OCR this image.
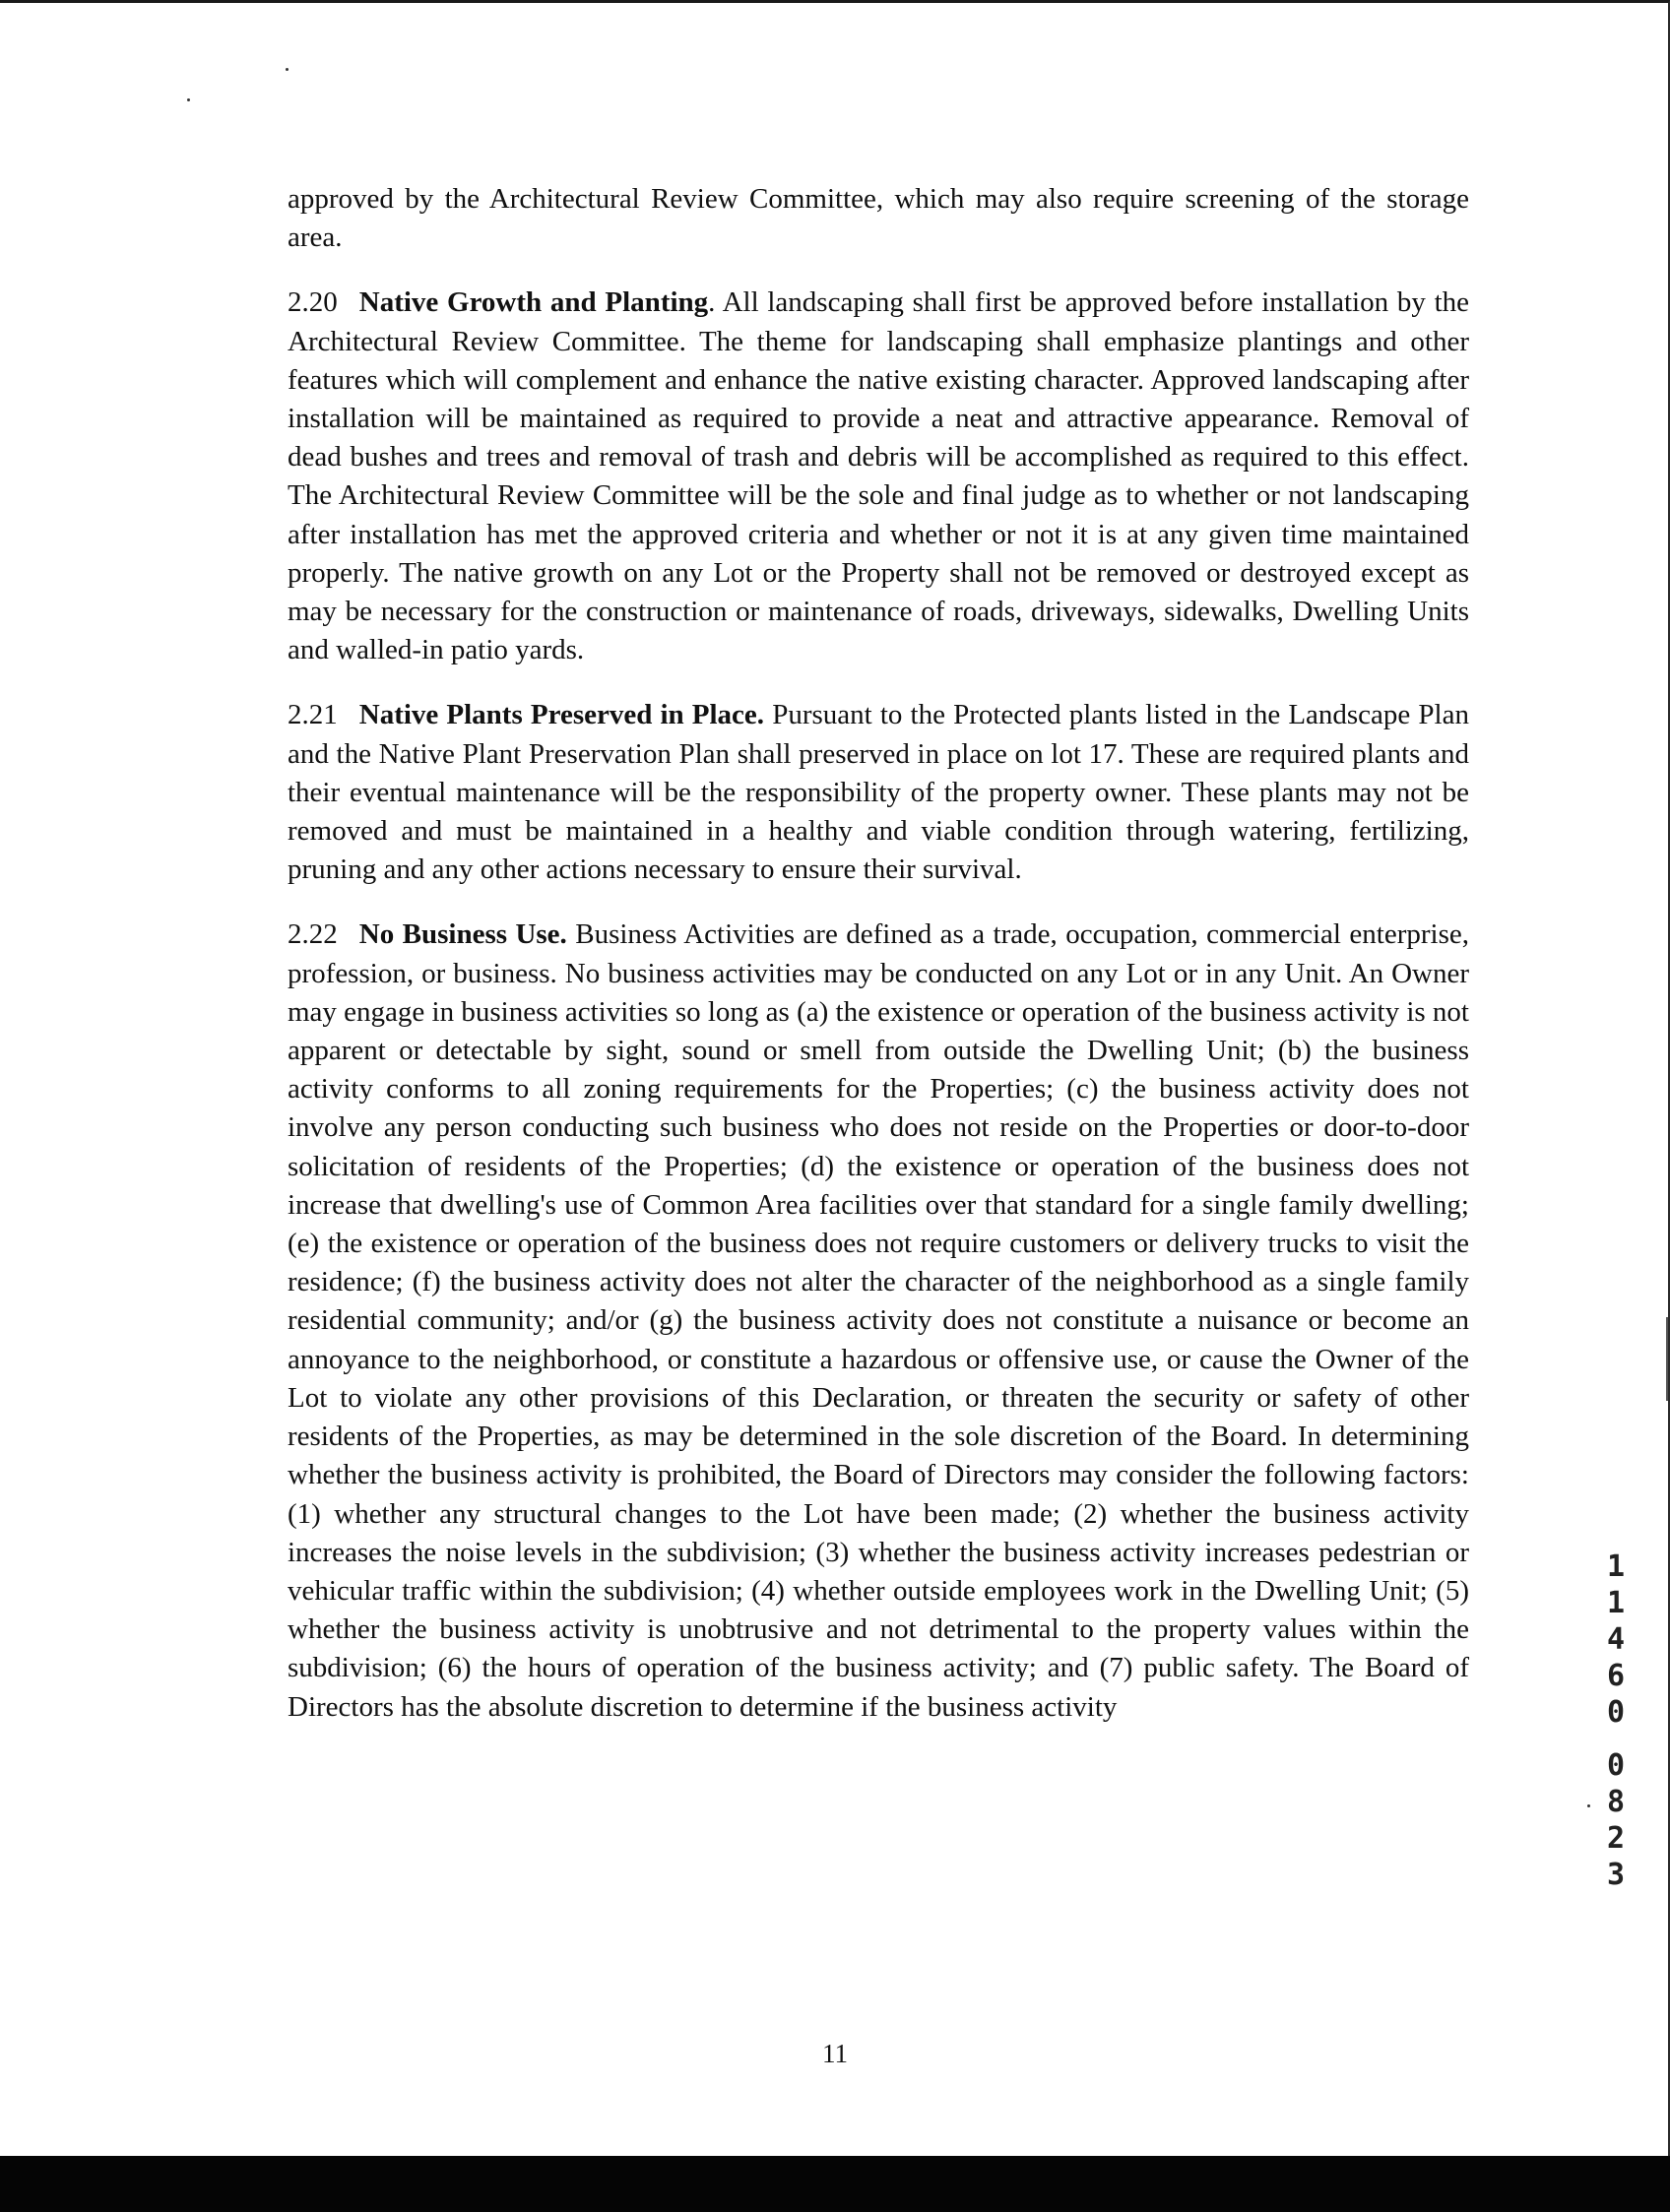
approved by the Architectural Review Committee, which may also require screening of the storage area.

2.20 Native Growth and Planting. All landscaping shall first be approved before installation by the Architectural Review Committee. The theme for landscaping shall emphasize plantings and other features which will complement and enhance the native existing character. Approved landscaping after installation will be maintained as required to provide a neat and attractive appearance. Removal of dead bushes and trees and removal of trash and debris will be accomplished as required to this effect. The Architectural Review Committee will be the sole and final judge as to whether or not landscaping after installation has met the approved criteria and whether or not it is at any given time maintained properly. The native growth on any Lot or the Property shall not be removed or destroyed except as may be necessary for the construction or maintenance of roads, driveways, sidewalks, Dwelling Units and walled-in patio yards.

2.21 Native Plants Preserved in Place. Pursuant to the Protected plants listed in the Landscape Plan and the Native Plant Preservation Plan shall preserved in place on lot 17. These are required plants and their eventual maintenance will be the responsibility of the property owner. These plants may not be removed and must be maintained in a healthy and viable condition through watering, fertilizing, pruning and any other actions necessary to ensure their survival.

2.22 No Business Use. Business Activities are defined as a trade, occupation, commercial enterprise, profession, or business. No business activities may be conducted on any Lot or in any Unit. An Owner may engage in business activities so long as (a) the existence or operation of the business activity is not apparent or detectable by sight, sound or smell from outside the Dwelling Unit; (b) the business activity conforms to all zoning requirements for the Properties; (c) the business activity does not involve any person conducting such business who does not reside on the Properties or door-to-door solicitation of residents of the Properties; (d) the existence or operation of the business does not increase that dwelling's use of Common Area facilities over that standard for a single family dwelling; (e) the existence or operation of the business does not require customers or delivery trucks to visit the residence; (f) the business activity does not alter the character of the neighborhood as a single family residential community; and/or (g) the business activity does not constitute a nuisance or become an annoyance to the neighborhood, or constitute a hazardous or offensive use, or cause the Owner of the Lot to violate any other provisions of this Declaration, or threaten the security or safety of other residents of the Properties, as may be determined in the sole discretion of the Board. In determining whether the business activity is prohibited, the Board of Directors may consider the following factors: (1) whether any structural changes to the Lot have been made; (2) whether the business activity increases the noise levels in the subdivision; (3) whether the business activity increases pedestrian or vehicular traffic within the subdivision; (4) whether outside employees work in the Dwelling Unit; (5) whether the business activity is unobtrusive and not detrimental to the property values within the subdivision; (6) the hours of operation of the business activity; and (7) public safety. The Board of Directors has the absolute discretion to determine if the business activity

11
1
1
4
6
0
0
8
2
3
